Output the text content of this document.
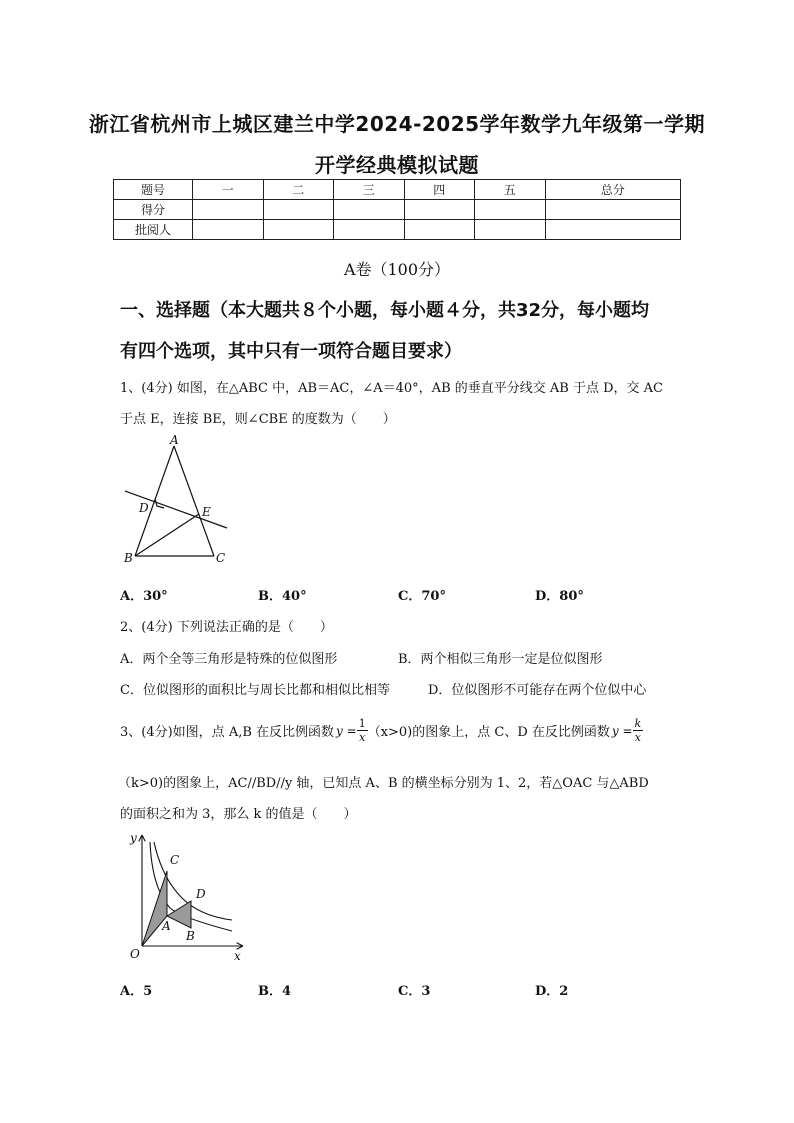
浙江省杭州市上城区建兰中学2024-2025学年数学九年级第一学期
开学经典模拟试题
题号	一	二	三	四	五	总分
得分						
批阅人						
A卷（100分）
一、选择题（本大题共８个小题，每小题４分，共32分，每小题均
有四个选项，其中只有一项符合题目要求）
1、(4分) 如图，在△ABC 中，AB＝AC，∠A＝40°，AB 的垂直平分线交 AB 于点 D，交 AC
于点 E，连接 BE，则∠CBE 的度数为（　　）
A
D	E
B	C
A．30°	B．40°	C．70°	D．80°
2、(4分) 下列说法正确的是（　　）
A．两个全等三角形是特殊的位似图形	B．两个相似三角形一定是位似图形
C．位似图形的面积比与周长比都和相似比相等	D．位似图形不可能存在两个位似中心
3、(4分)如图，点 A,B 在反比例函数 $y = \frac{1}{x} (x>0)$的图象上，点 C、D 在反比例函数 $y = \frac{k}{x}$
（k>0)的图象上，AC//BD//y 轴，已知点 A、B 的横坐标分别为 1、2，若△OAC 与△ABD
的面积之和为 3，那么 k 的值是（　　）
y
x
O
A
B
C
D
A．5	B．4	C．3	D．2
